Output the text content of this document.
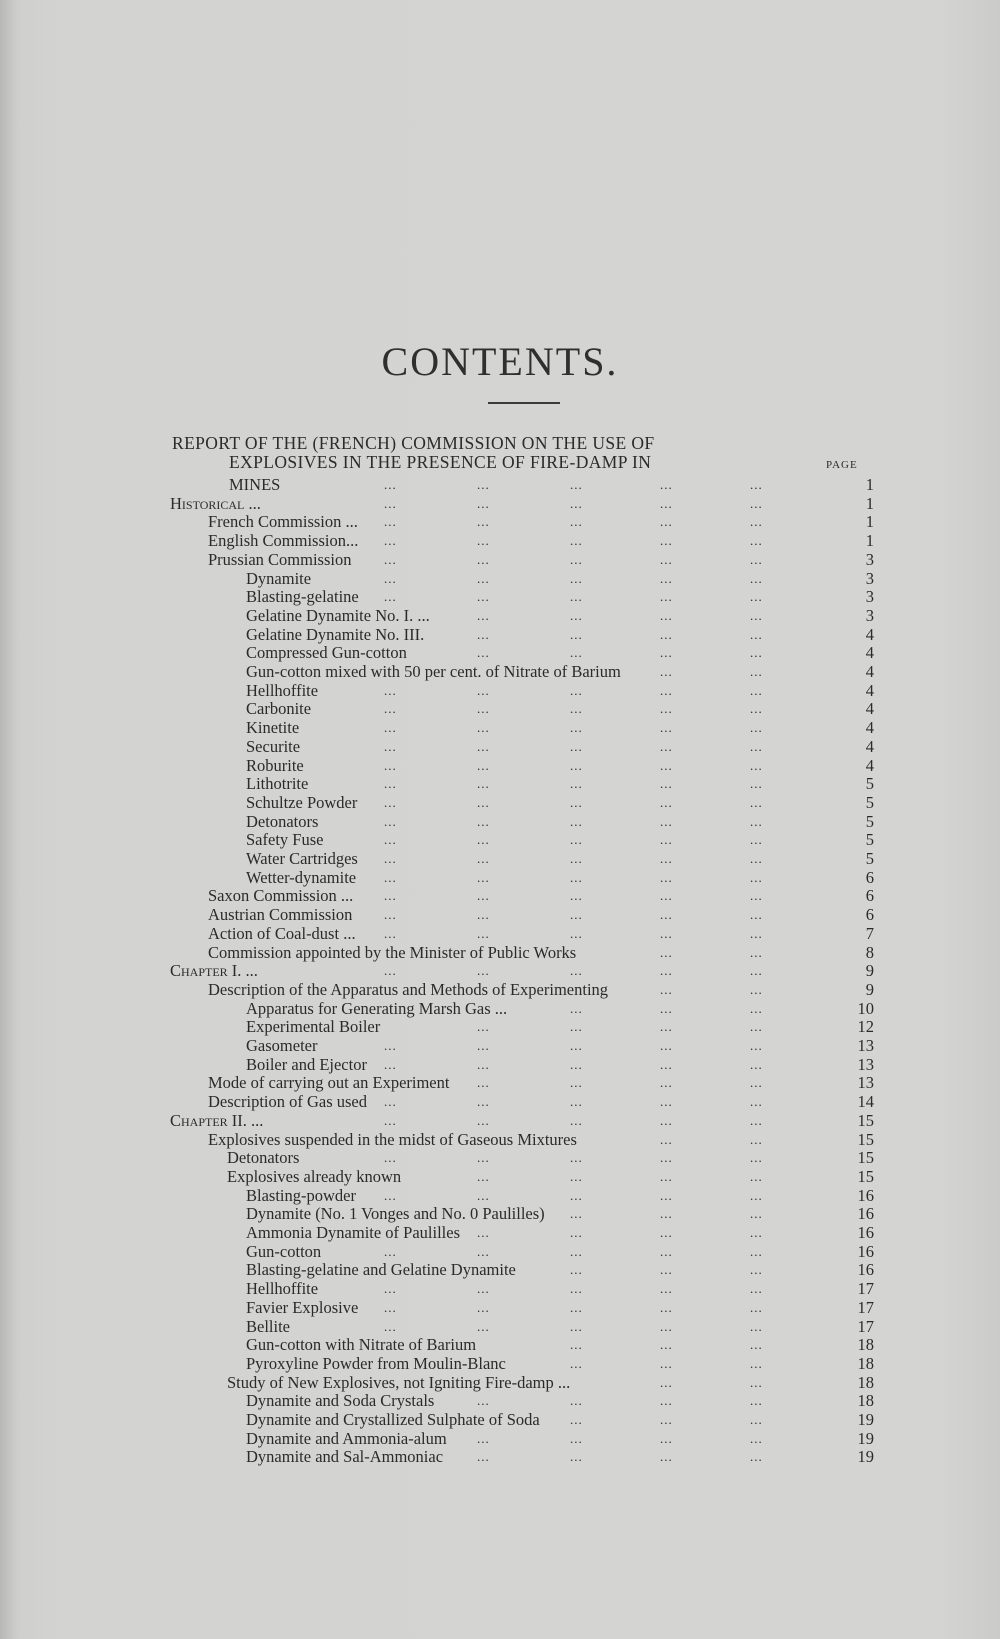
CONTENTS.
REPORT OF THE (FRENCH) COMMISSION ON THE USE OF
EXPLOSIVES IN THE PRESENCE OF FIRE-DAMP IN	PAGE
MINES	...	...	...	...	...	1
Historical ...	...	...	...	...	...	1
French Commission ... ...	...	...	...	...	1
English Commission... ...	...	...	...	...	1
Prussian Commission	...	...	...	...	...	3
Dynamite	...	...	...	...	...	3
Blasting-gelatine ...	...	...	...	...	3
Gelatine Dynamite No. I. ...	...	...	...	...	3
Gelatine Dynamite No. III.	...	...	...	...	4
Compressed Gun-cotton	...	...	...	...	4
Gun-cotton mixed with 50 per cent. of Nitrate of Barium	...	...	4
Hellhoffite	...	...	...	...	...	4
Carbonite	...	...	...	...	...	4
Kinetite	...	...	...	...	...	4
Securite	...	...	...	...	...	4
Roburite	...	...	...	...	...	4
Lithotrite	...	...	...	...	...	5
Schultze Powder ...	...	...	...	...	5
Detonators	...	...	...	...	...	5
Safety Fuse	...	...	...	...	...	5
Water Cartridges ...	...	...	...	...	5
Wetter-dynamite ...	...	...	...	...	6
Saxon Commission ... ...	...	...	...	...	6
Austrian Commission ...	...	...	...	...	6
Action of Coal-dust ... ...	...	...	...	...	7
Commission appointed by the Minister of Public Works	...	...	8
Chapter I. ...	...	...	...	...	...	9
Description of the Apparatus and Methods of Experimenting	...	...	9
Apparatus for Generating Marsh Gas ...	...	...	...	10
Experimental Boiler	...	...	...	...	12
Gasometer	...	...	...	...	...	13
Boiler and Ejector ...	...	...	...	...	13
Mode of carrying out an Experiment ...	...	...	...	13
Description of Gas used ...	...	...	...	...	14
Chapter II. ...	...	...	...	...	...	15
Explosives suspended in the midst of Gaseous Mixtures	...	...	15
Detonators	...	...	...	...	...	15
Explosives already known	...	...	...	...	15
Blasting-powder ...	...	...	...	...	16
Dynamite (No. 1 Vonges and No. 0 Paulilles) ...	...	...	16
Ammonia Dynamite of Paulilles ...	...	...	...	16
Gun-cotton	...	...	...	...	...	16
Blasting-gelatine and Gelatine Dynamite	...	...	...	16
Hellhoffite	...	...	...	...	...	17
Favier Explosive ...	...	...	...	...	17
Bellite	...	...	...	...	...	17
Gun-cotton with Nitrate of Barium	...	...	...	18
Pyroxyline Powder from Moulin-Blanc	...	...	...	18
Study of New Explosives, not Igniting Fire-damp ...	...	...	18
Dynamite and Soda Crystals	...	...	...	...	18
Dynamite and Crystallized Sulphate of Soda ...	...	...	19
Dynamite and Ammonia-alum ...	...	...	...	19
Dynamite and Sal-Ammoniac	...	...	...	...	19
